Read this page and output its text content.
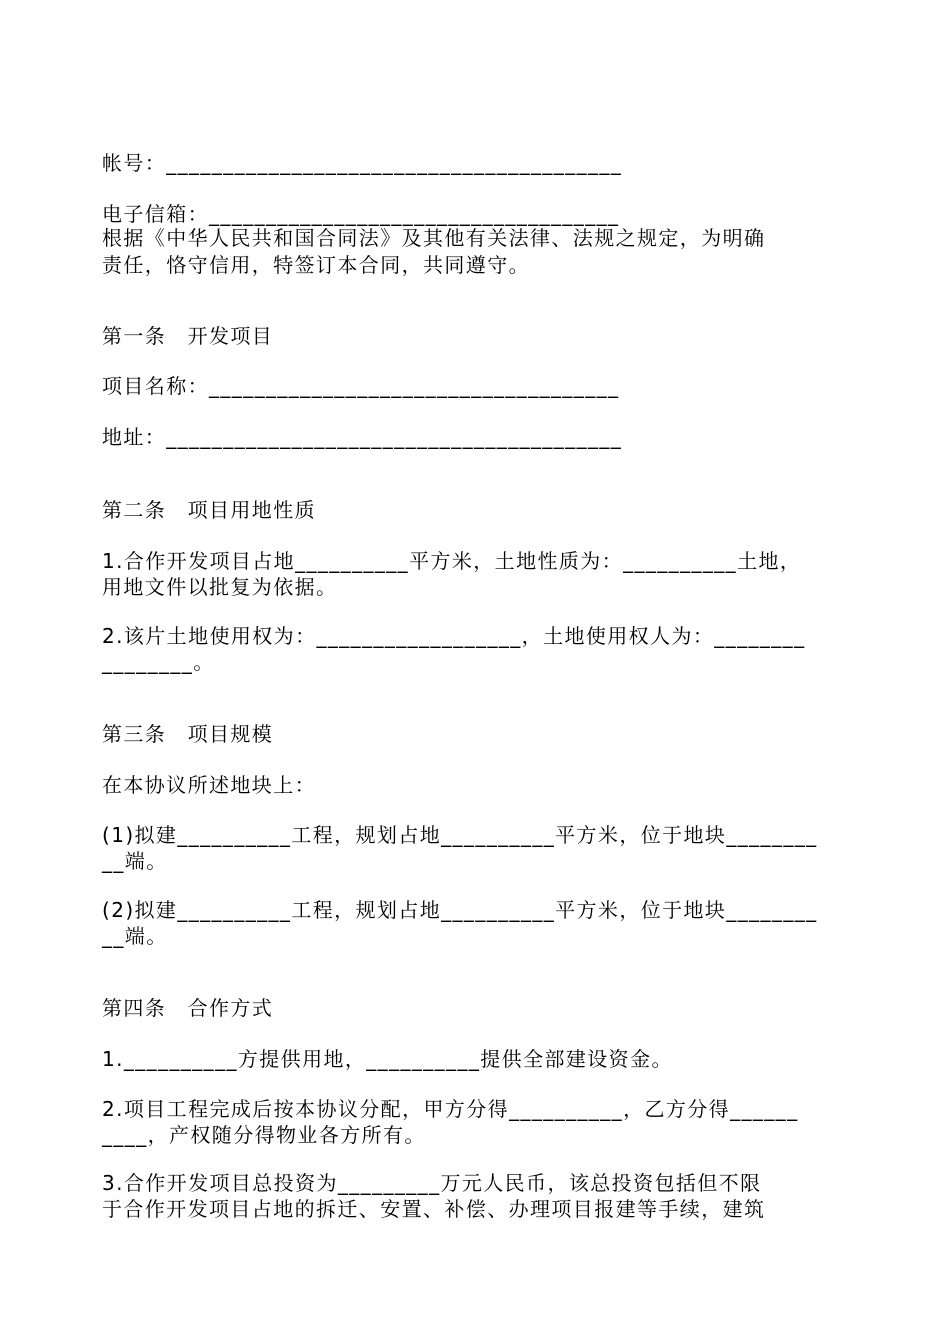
帐号：________________________________________
电子信箱：____________________________________
根据《中华人民共和国合同法》及其他有关法律、法规之规定，为明确
责任，恪守信用，特签订本合同，共同遵守。
第一条　开发项目
项目名称：____________________________________
地址：________________________________________
第二条　项目用地性质
1.合作开发项目占地__________平方米，土地性质为：__________土地，
用地文件以批复为依据。
2.该片土地使用权为：__________________，土地使用权人为：________
________。
第三条　项目规模
在本协议所述地块上：
(1)拟建__________工程，规划占地__________平方米，位于地块________
__端。
(2)拟建__________工程，规划占地__________平方米，位于地块________
__端。
第四条　合作方式
1.__________方提供用地，__________提供全部建设资金。
2.项目工程完成后按本协议分配，甲方分得__________，乙方分得______
____，产权随分得物业各方所有。
3.合作开发项目总投资为_________万元人民币，该总投资包括但不限
于合作开发项目占地的拆迁、安置、补偿、办理项目报建等手续，建筑
